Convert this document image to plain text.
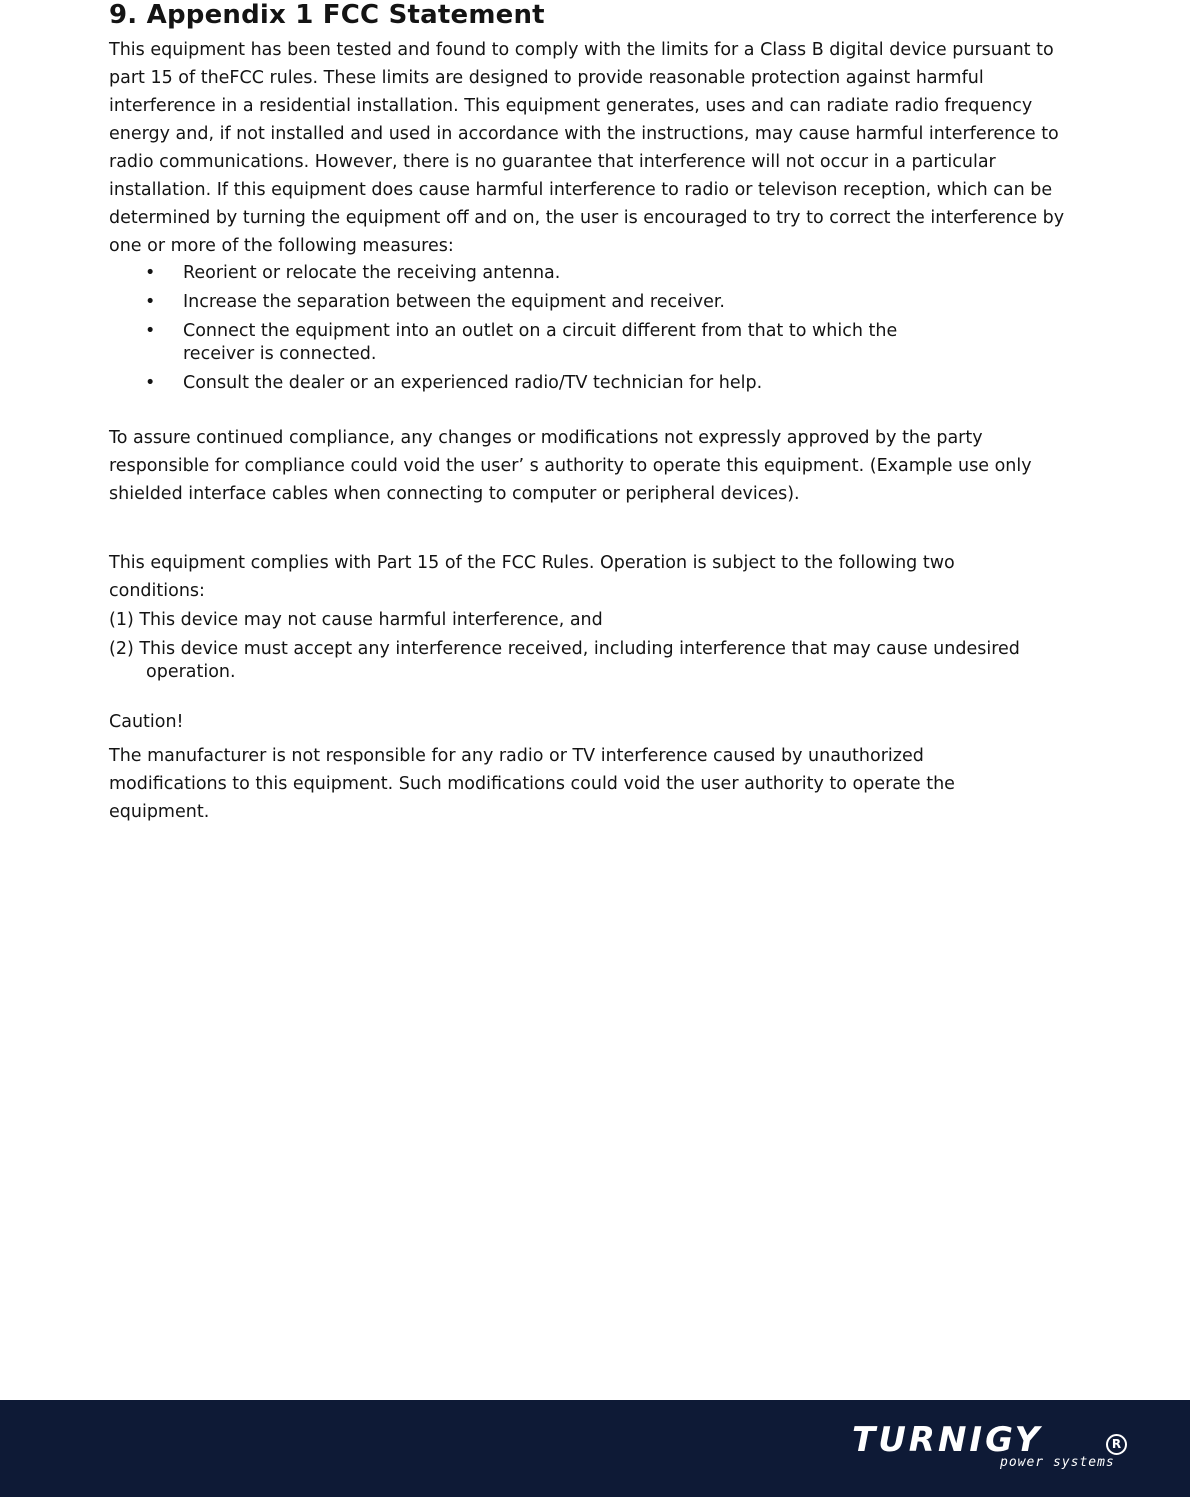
9. Appendix 1 FCC Statement

This equipment has been tested and found to comply with the limits for a Class B digital device pursuant to part 15 of theFCC rules. These limits are designed to provide reasonable protection against harmful interference in a residential installation. This equipment generates, uses and can radiate radio frequency energy and, if not installed and used in accordance with the instructions, may cause harmful interference to radio communications. However, there is no guarantee that interference will not occur in a particular installation. If this equipment does cause harmful interference to radio or televison reception, which can be determined by turning the equipment off and on, the user is encouraged to try to correct the interference by one or more of the following measures:

• Reorient or relocate the receiving antenna.
• Increase the separation between the equipment and receiver.
• Connect the equipment into an outlet on a circuit different from that to which the receiver is connected.
• Consult the dealer or an experienced radio/TV technician for help.

To assure continued compliance, any changes or modifications not expressly approved by the party responsible for compliance could void the user’ s authority to operate this equipment. (Example use only shielded interface cables when connecting to computer or peripheral devices).

This equipment complies with Part 15 of the FCC Rules. Operation is subject to the following two conditions:

(1) This device may not cause harmful interference, and
(2) This device must accept any interference received, including interference that may cause undesired operation.

Caution!

The manufacturer is not responsible for any radio or TV interference caused by unauthorized modifications to this equipment. Such modifications could void the user authority to operate the equipment.

TURNIGY	R
power systems
